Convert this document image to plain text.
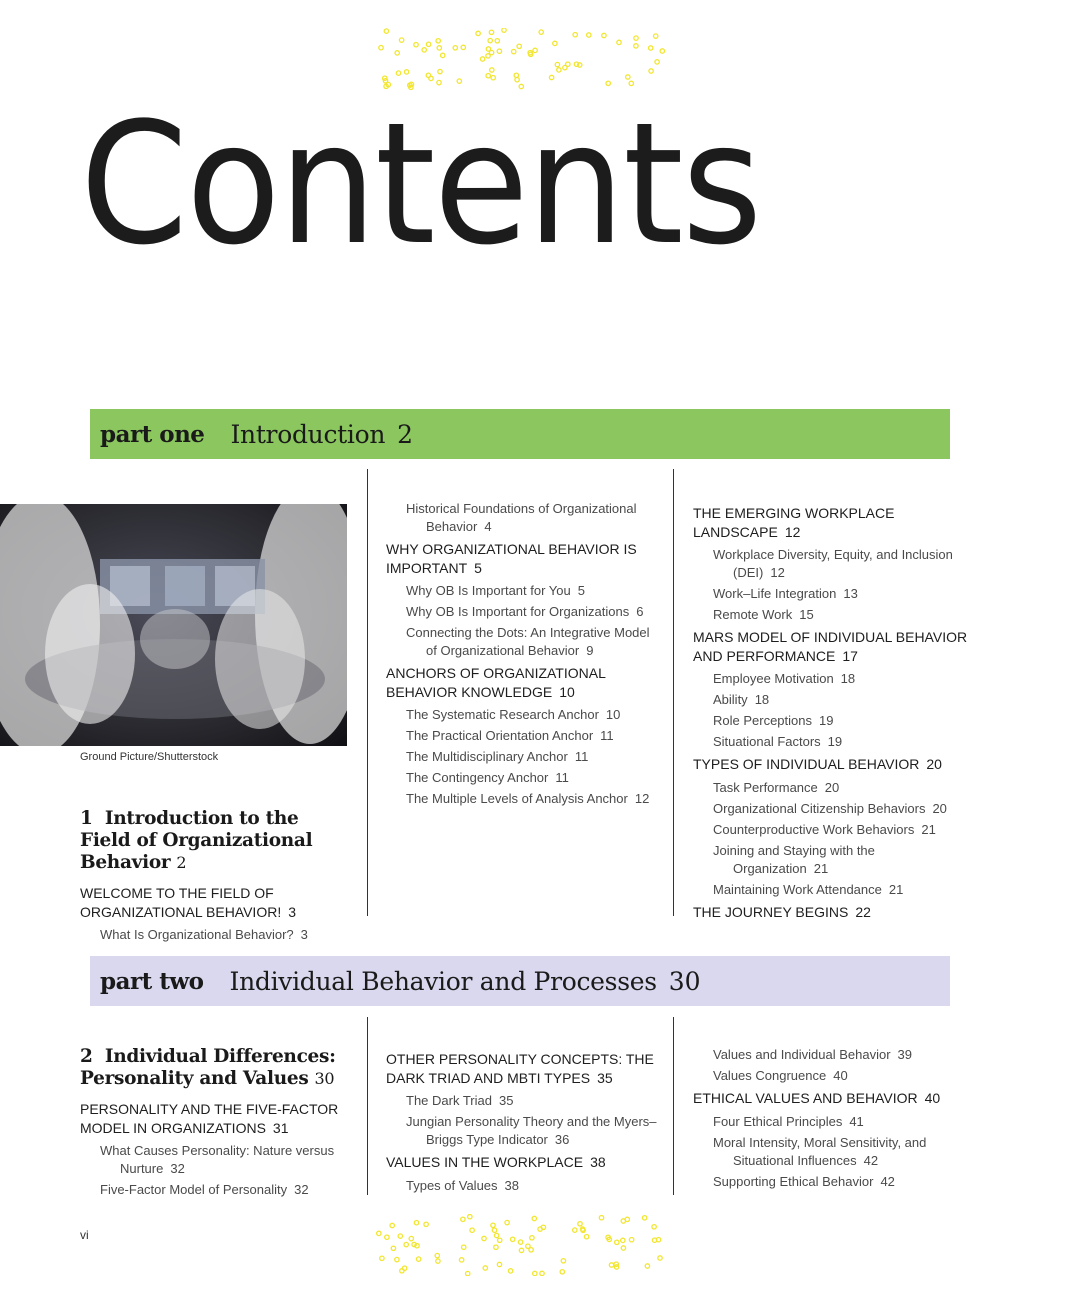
Contents
part one Introduction 2

Ground Picture/Shutterstock

1 Introduction to the Field of Organizational Behavior 2

WELCOME TO THE FIELD OF ORGANIZATIONAL BEHAVIOR! 3

What Is Organizational Behavior? 3

Historical Foundations of Organizational Behavior 4

WHY ORGANIZATIONAL BEHAVIOR IS IMPORTANT 5

Why OB Is Important for You 5

Why OB Is Important for Organizations 6

Connecting the Dots: An Integrative Model of Organizational Behavior 9

ANCHORS OF ORGANIZATIONAL BEHAVIOR KNOWLEDGE 10

The Systematic Research Anchor 10

The Practical Orientation Anchor 11

The Multidisciplinary Anchor 11

The Contingency Anchor 11

The Multiple Levels of Analysis Anchor 12

THE EMERGING WORKPLACE LANDSCAPE 12

Workplace Diversity, Equity, and Inclusion (DEI) 12

Work–Life Integration 13

Remote Work 15

MARS MODEL OF INDIVIDUAL BEHAVIOR AND PERFORMANCE 17

Employee Motivation 18

Ability 18

Role Perceptions 19

Situational Factors 19

TYPES OF INDIVIDUAL BEHAVIOR 20

Task Performance 20

Organizational Citizenship Behaviors 20

Counterproductive Work Behaviors 21

Joining and Staying with the Organization 21

Maintaining Work Attendance 21

THE JOURNEY BEGINS 22

part two Individual Behavior and Processes 30
2 Individual Differences: Personality and Values 30

PERSONALITY AND THE FIVE-FACTOR MODEL IN ORGANIZATIONS 31

What Causes Personality: Nature versus Nurture 32

Five-Factor Model of Personality 32

OTHER PERSONALITY CONCEPTS: THE DARK TRIAD AND MBTI TYPES 35

The Dark Triad 35

Jungian Personality Theory and the Myers–Briggs Type Indicator 36

VALUES IN THE WORKPLACE 38

Types of Values 38

Values and Individual Behavior 39

Values Congruence 40

ETHICAL VALUES AND BEHAVIOR 40

Four Ethical Principles 41

Moral Intensity, Moral Sensitivity, and Situational Influences 42

Supporting Ethical Behavior 42

vi
